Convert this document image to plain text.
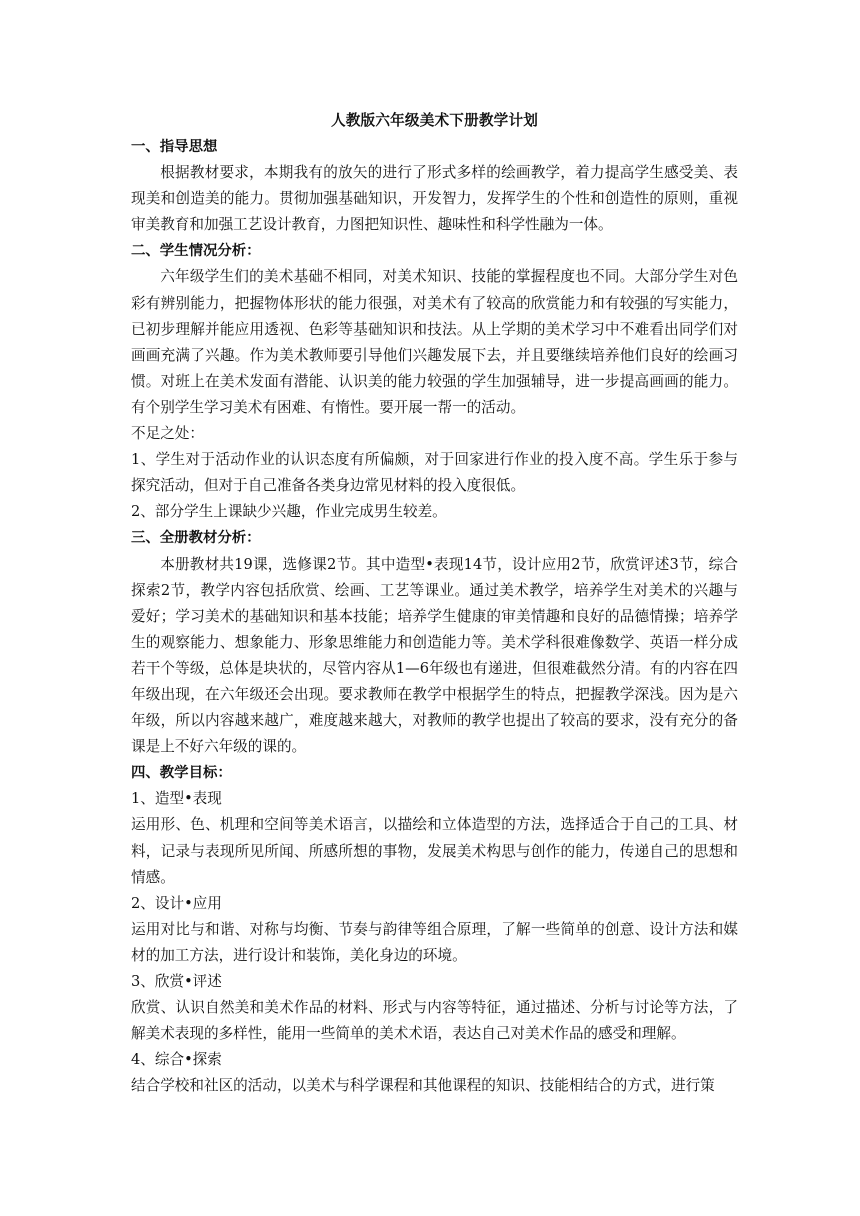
人教版六年级美术下册教学计划

一、指导思想

根据教材要求，本期我有的放矢的进行了形式多样的绘画教学，着力提高学生感受美、表现美和创造美的能力。贯彻加强基础知识，开发智力，发挥学生的个性和创造性的原则，重视审美教育和加强工艺设计教育，力图把知识性、趣味性和科学性融为一体。

二、学生情况分析：

六年级学生们的美术基础不相同，对美术知识、技能的掌握程度也不同。大部分学生对色彩有辨别能力，把握物体形状的能力很强，对美术有了较高的欣赏能力和有较强的写实能力，已初步理解并能应用透视、色彩等基础知识和技法。从上学期的美术学习中不难看出同学们对画画充满了兴趣。作为美术教师要引导他们兴趣发展下去，并且要继续培养他们良好的绘画习惯。对班上在美术发面有潜能、认识美的能力较强的学生加强辅导，进一步提高画画的能力。有个别学生学习美术有困难、有惰性。要开展一帮一的活动。

不足之处：

1、学生对于活动作业的认识态度有所偏颇，对于回家进行作业的投入度不高。学生乐于参与探究活动，但对于自己准备各类身边常见材料的投入度很低。

2、部分学生上课缺少兴趣，作业完成男生较差。

三、全册教材分析：

本册教材共19课，选修课2节。其中造型•表现14节，设计应用2节，欣赏评述3节，综合探索2节，教学内容包括欣赏、绘画、工艺等课业。通过美术教学，培养学生对美术的兴趣与爱好；学习美术的基础知识和基本技能；培养学生健康的审美情趣和良好的品德情操；培养学生的观察能力、想象能力、形象思维能力和创造能力等。美术学科很难像数学、英语一样分成若干个等级，总体是块状的，尽管内容从1—6年级也有递进，但很难截然分清。有的内容在四年级出现，在六年级还会出现。要求教师在教学中根据学生的特点，把握教学深浅。因为是六年级，所以内容越来越广，难度越来越大，对教师的教学也提出了较高的要求，没有充分的备课是上不好六年级的课的。

四、教学目标：

1、造型•表现

运用形、色、机理和空间等美术语言，以描绘和立体造型的方法，选择适合于自己的工具、材料，记录与表现所见所闻、所感所想的事物，发展美术构思与创作的能力，传递自己的思想和情感。

2、设计•应用

运用对比与和谐、对称与均衡、节奏与韵律等组合原理，了解一些简单的创意、设计方法和媒材的加工方法，进行设计和装饰，美化身边的环境。

3、欣赏•评述

欣赏、认识自然美和美术作品的材料、形式与内容等特征，通过描述、分析与讨论等方法，了解美术表现的多样性，能用一些简单的美术术语，表达自己对美术作品的感受和理解。

4、综合•探索

结合学校和社区的活动，以美术与科学课程和其他课程的知识、技能相结合的方式，进行策
